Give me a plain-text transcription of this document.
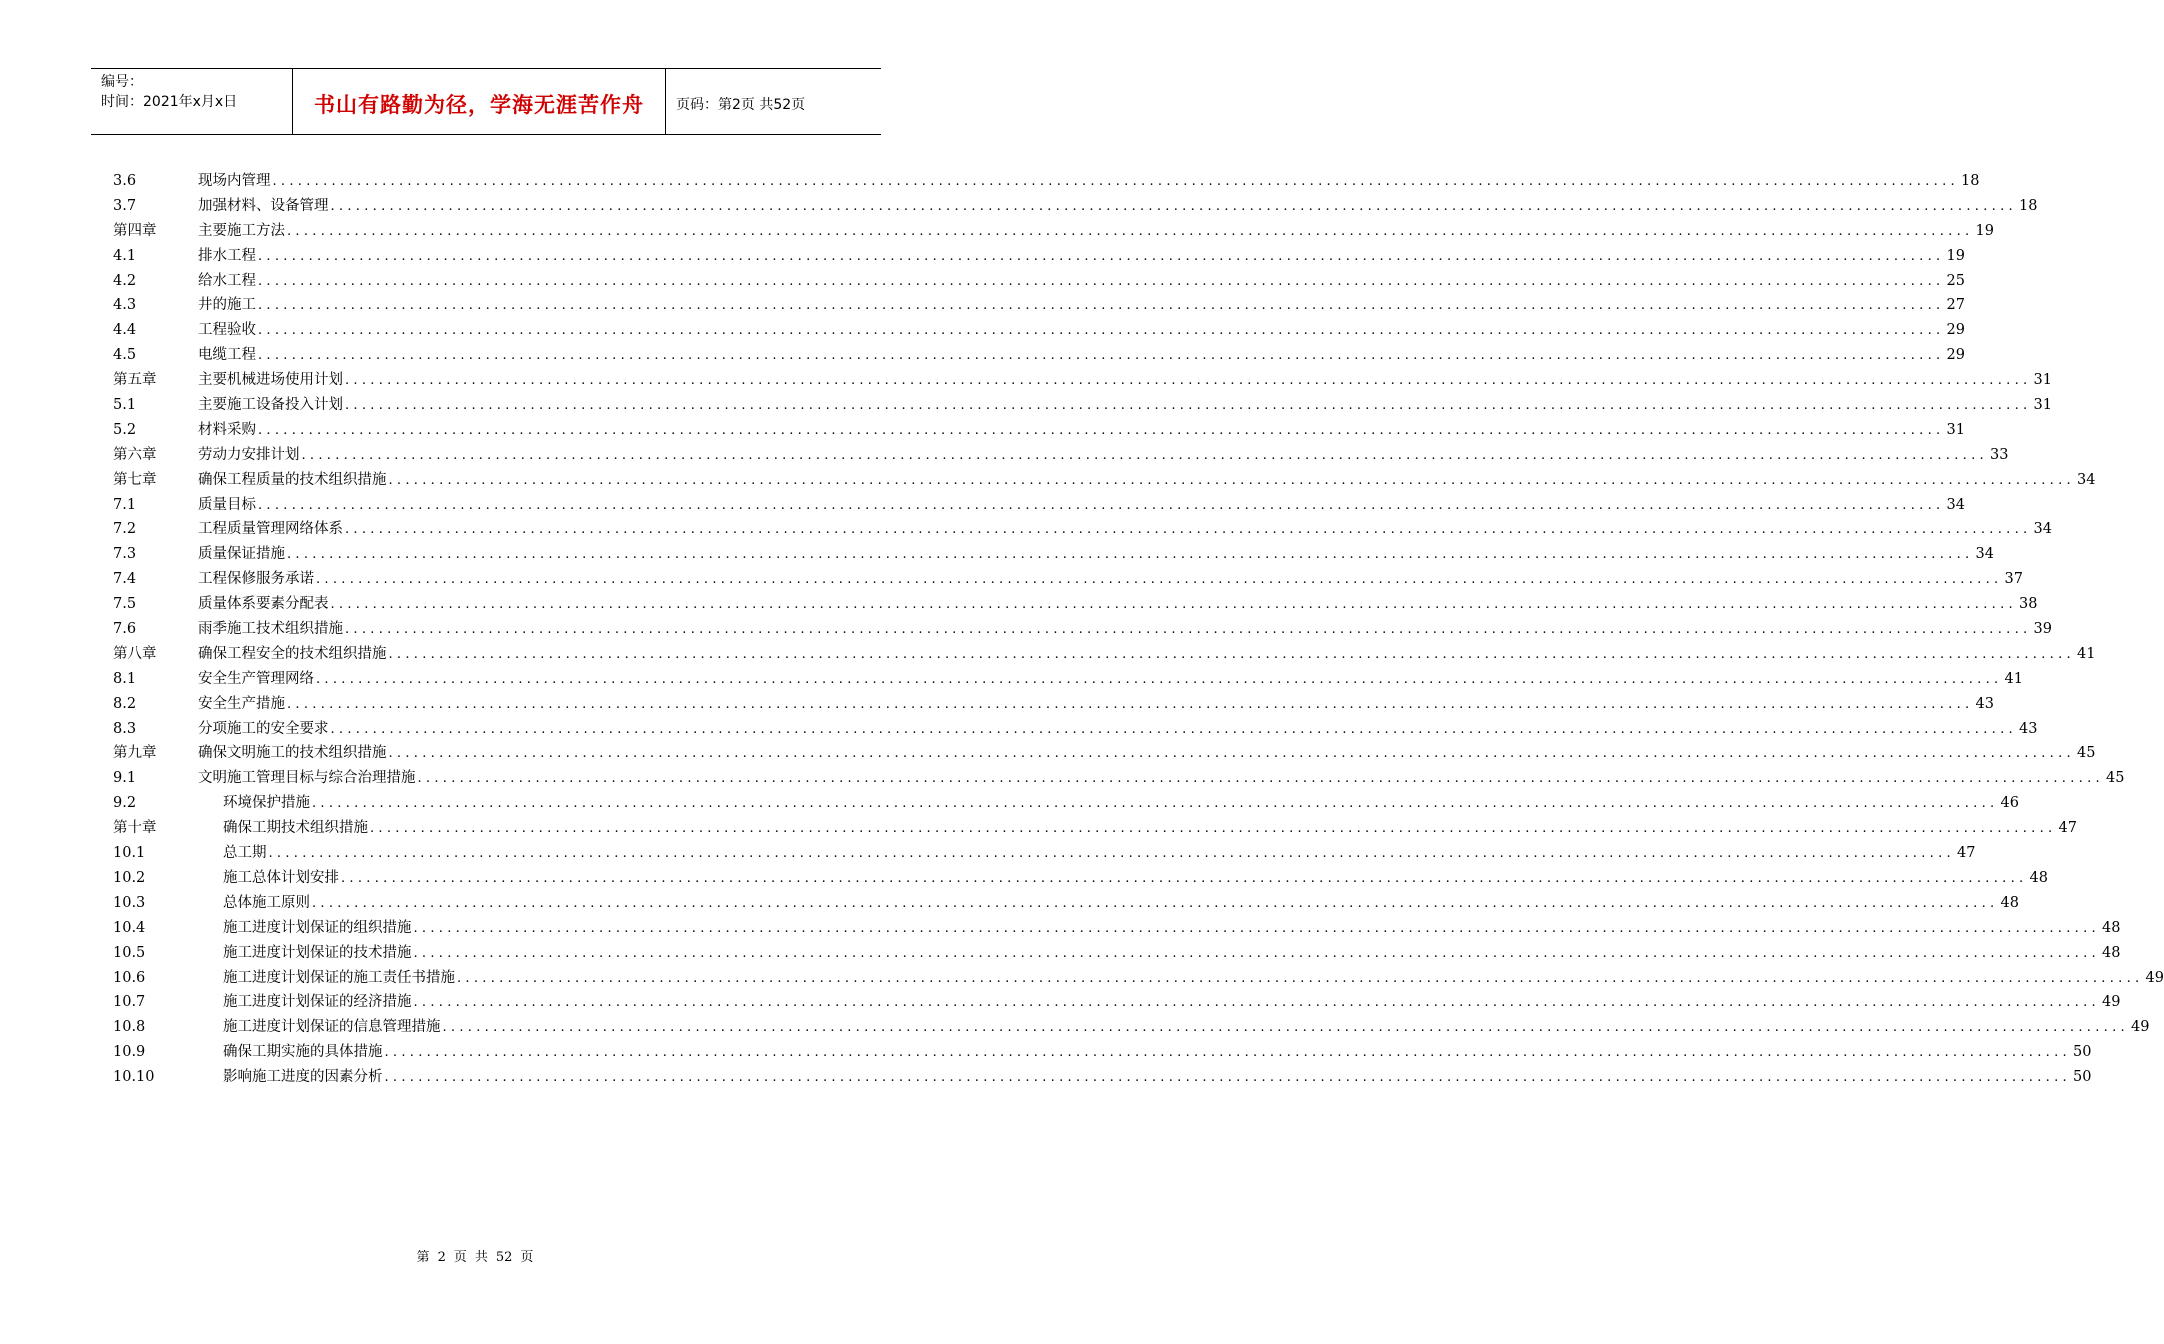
编号：
时间：2021年x月x日	书山有路勤为径，学海无涯苦作舟	页码：第2页 共52页
3.6	现场内管理 ........................................................................................................................................................................................................ 18
3.7	加强材料、设备管理 ........................................................................................................................................................................................................ 18
第四章	主要施工方法 ........................................................................................................................................................................................................ 19
4.1	排水工程 ........................................................................................................................................................................................................ 19
4.2	给水工程 ........................................................................................................................................................................................................ 25
4.3	井的施工 ........................................................................................................................................................................................................ 27
4.4	工程验收 ........................................................................................................................................................................................................ 29
4.5	电缆工程 ........................................................................................................................................................................................................ 29
第五章	主要机械进场使用计划 ........................................................................................................................................................................................................ 31
5.1	主要施工设备投入计划 ........................................................................................................................................................................................................ 31
5.2	材料采购 ........................................................................................................................................................................................................ 31
第六章	劳动力安排计划 ........................................................................................................................................................................................................ 33
第七章	确保工程质量的技术组织措施 ........................................................................................................................................................................................................ 34
7.1	质量目标 ........................................................................................................................................................................................................ 34
7.2	工程质量管理网络体系 ........................................................................................................................................................................................................ 34
7.3	质量保证措施 ........................................................................................................................................................................................................ 34
7.4	工程保修服务承诺 ........................................................................................................................................................................................................ 37
7.5	质量体系要素分配表 ........................................................................................................................................................................................................ 38
7.6	雨季施工技术组织措施 ........................................................................................................................................................................................................ 39
第八章	确保工程安全的技术组织措施 ........................................................................................................................................................................................................ 41
8.1	安全生产管理网络 ........................................................................................................................................................................................................ 41
8.2	安全生产措施 ........................................................................................................................................................................................................ 43
8.3	分项施工的安全要求 ........................................................................................................................................................................................................ 43
第九章	确保文明施工的技术组织措施 ........................................................................................................................................................................................................ 45
9.1	文明施工管理目标与综合治理措施 ........................................................................................................................................................................................................ 45
9.2	环境保护措施 ........................................................................................................................................................................................................ 46
第十章	确保工期技术组织措施 ........................................................................................................................................................................................................ 47
10.1	总工期 ........................................................................................................................................................................................................ 47
10.2	施工总体计划安排 ........................................................................................................................................................................................................ 48
10.3	总体施工原则 ........................................................................................................................................................................................................ 48
10.4	施工进度计划保证的组织措施 ........................................................................................................................................................................................................ 48
10.5	施工进度计划保证的技术措施 ........................................................................................................................................................................................................ 48
10.6	施工进度计划保证的施工责任书措施 ........................................................................................................................................................................................................ 49
10.7	施工进度计划保证的经济措施 ........................................................................................................................................................................................................ 49
10.8	施工进度计划保证的信息管理措施 ........................................................................................................................................................................................................ 49
10.9	确保工期实施的具体措施 ........................................................................................................................................................................................................ 50
10.10	影响施工进度的因素分析 ........................................................................................................................................................................................................ 50
第 2 页 共 52 页
